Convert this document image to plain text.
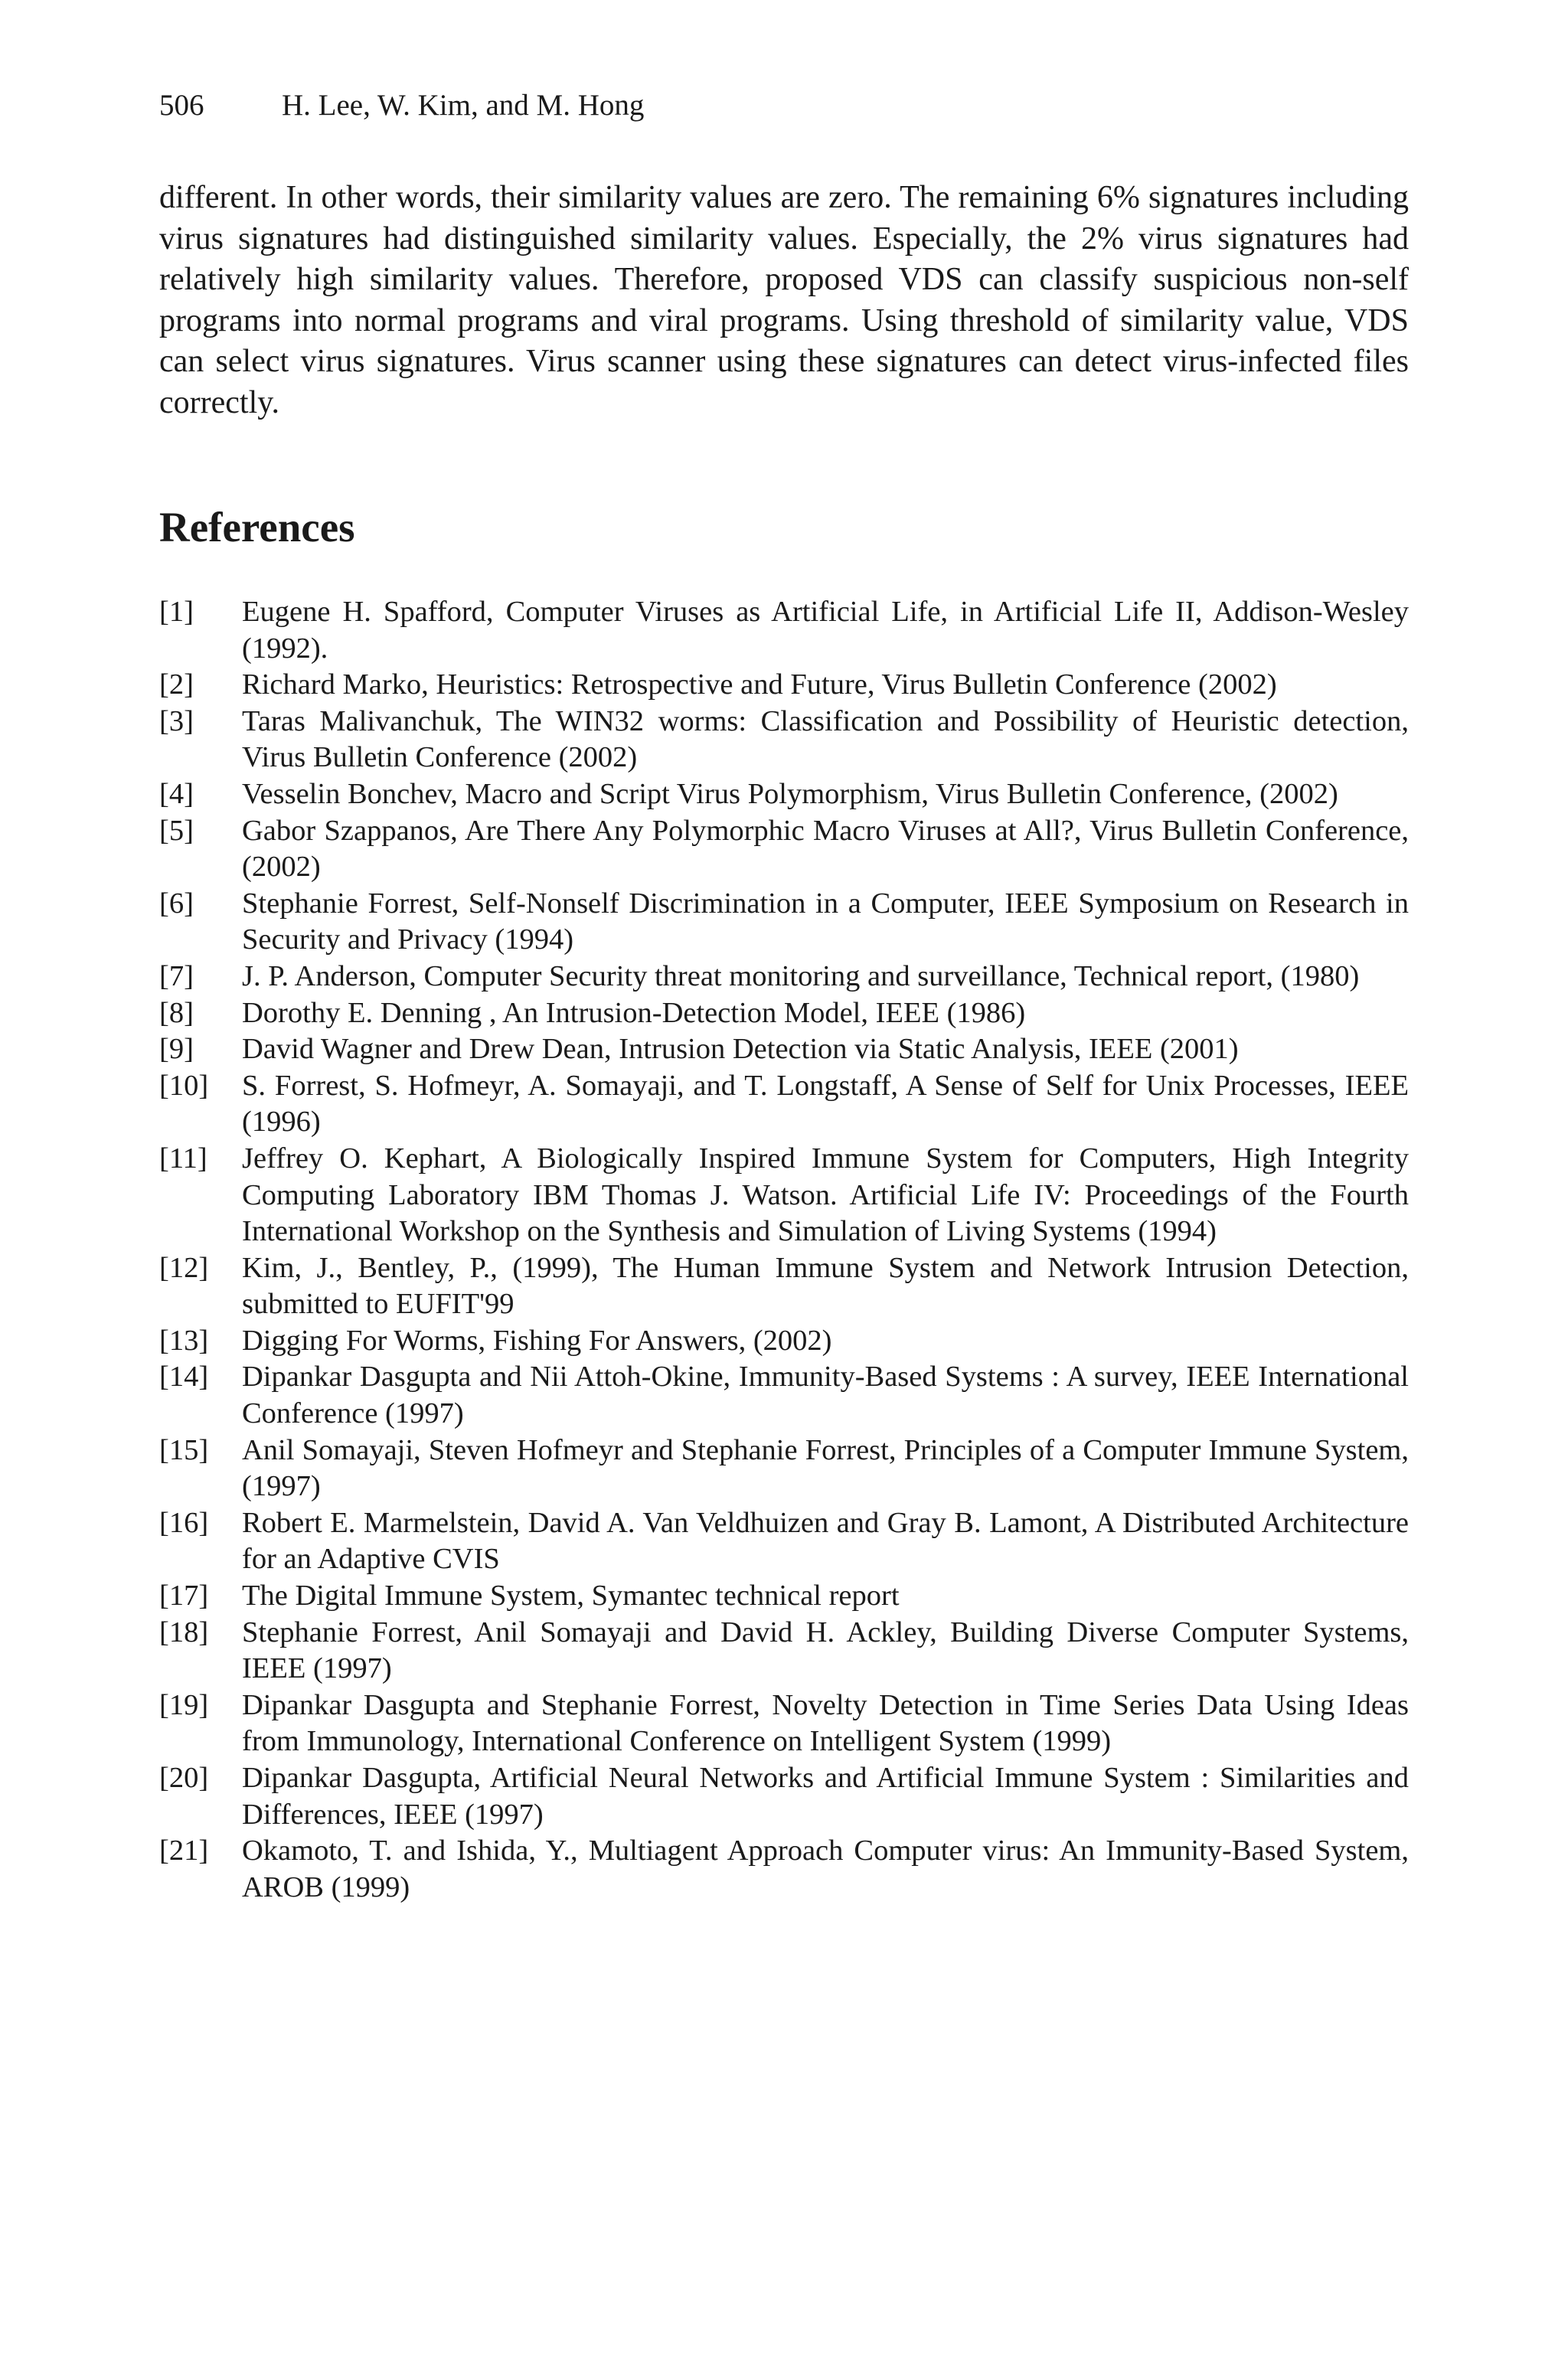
506	H. Lee, W. Kim, and M. Hong

different. In other words, their similarity values are zero. The remaining 6% signatures including virus signatures had distinguished similarity values. Especially, the 2% virus signatures had relatively high similarity values. Therefore, proposed VDS can classify suspicious non-self programs into normal programs and viral programs. Using threshold of similarity value, VDS can select virus signatures. Virus scanner using these signatures can detect virus-infected files correctly.

References
[1]	Eugene H. Spafford, Computer Viruses as Artificial Life, in Artificial Life II, Addison-Wesley (1992).
[2]	Richard Marko, Heuristics: Retrospective and Future, Virus Bulletin Conference (2002)
[3]	Taras Malivanchuk, The WIN32 worms: Classification and Possibility of Heuristic detection, Virus Bulletin Conference (2002)
[4]	Vesselin Bonchev, Macro and Script Virus Polymorphism, Virus Bulletin Conference, (2002)
[5]	Gabor Szappanos, Are There Any Polymorphic Macro Viruses at All?, Virus Bulletin Conference, (2002)
[6]	Stephanie Forrest, Self-Nonself Discrimination in a Computer, IEEE Symposium on Research in Security and Privacy (1994)
[7]	J. P. Anderson, Computer Security threat monitoring and surveillance, Technical report, (1980)
[8]	Dorothy E. Denning , An Intrusion-Detection Model, IEEE (1986)
[9]	David Wagner and Drew Dean, Intrusion Detection via Static Analysis, IEEE (2001)
[10]	S. Forrest, S. Hofmeyr, A. Somayaji, and T. Longstaff, A Sense of Self for Unix Processes, IEEE (1996)
[11]	Jeffrey O. Kephart, A Biologically Inspired Immune System for Computers, High Integrity Computing Laboratory IBM Thomas J. Watson. Artificial Life IV: Proceedings of the Fourth International Workshop on the Synthesis and Simulation of Living Systems (1994)
[12]	Kim, J., Bentley, P., (1999), The Human Immune System and Network Intrusion Detection, submitted to EUFIT'99
[13]	Digging For Worms, Fishing For Answers, (2002)
[14]	Dipankar Dasgupta and Nii Attoh-Okine, Immunity-Based Systems : A survey, IEEE International Conference (1997)
[15]	Anil Somayaji, Steven Hofmeyr and Stephanie Forrest, Principles of a Computer Immune System, (1997)
[16]	Robert E. Marmelstein, David A. Van Veldhuizen and Gray B. Lamont, A Distributed Architecture for an Adaptive CVIS
[17]	The Digital Immune System, Symantec technical report
[18]	Stephanie Forrest, Anil Somayaji and David H. Ackley, Building Diverse Computer Systems, IEEE (1997)
[19]	Dipankar Dasgupta and Stephanie Forrest, Novelty Detection in Time Series Data Using Ideas from Immunology, International Conference on Intelligent System (1999)
[20]	Dipankar Dasgupta, Artificial Neural Networks and Artificial Immune System : Similarities and Differences, IEEE (1997)
[21]	Okamoto, T. and Ishida, Y., Multiagent Approach Computer virus: An Immunity-Based System, AROB (1999)
